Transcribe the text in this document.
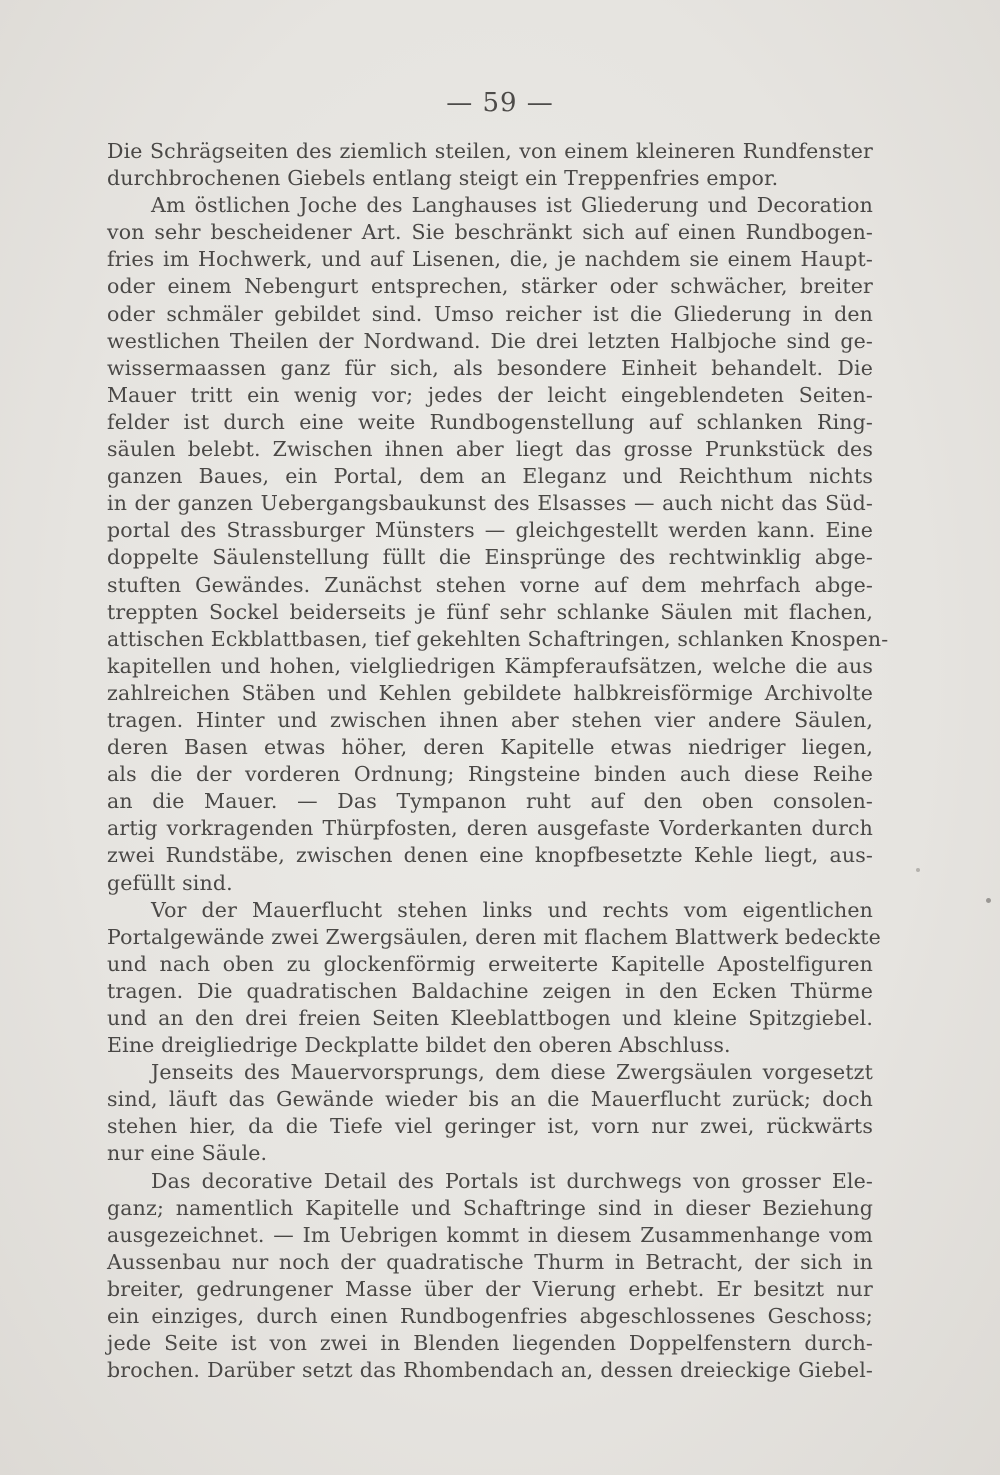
— 59 —
Die Schrägseiten des ziemlich steilen, von einem kleineren Rundfenster
durchbrochenen Giebels entlang steigt ein Treppenfries empor.
Am östlichen Joche des Langhauses ist Gliederung und Decoration
von sehr bescheidener Art. Sie beschränkt sich auf einen Rundbogen-
fries im Hochwerk, und auf Lisenen, die, je nachdem sie einem Haupt-
oder einem Nebengurt entsprechen, stärker oder schwächer, breiter
oder schmäler gebildet sind. Umso reicher ist die Gliederung in den
westlichen Theilen der Nordwand. Die drei letzten Halbjoche sind ge-
wissermaassen ganz für sich, als besondere Einheit behandelt. Die
Mauer tritt ein wenig vor; jedes der leicht eingeblendeten Seiten-
felder ist durch eine weite Rundbogenstellung auf schlanken Ring-
säulen belebt. Zwischen ihnen aber liegt das grosse Prunkstück des
ganzen Baues, ein Portal, dem an Eleganz und Reichthum nichts
in der ganzen Uebergangsbaukunst des Elsasses — auch nicht das Süd-
portal des Strassburger Münsters — gleichgestellt werden kann. Eine
doppelte Säulenstellung füllt die Einsprünge des rechtwinklig abge-
stuften Gewändes. Zunächst stehen vorne auf dem mehrfach abge-
treppten Sockel beiderseits je fünf sehr schlanke Säulen mit flachen,
attischen Eckblattbasen, tief gekehlten Schaftringen, schlanken Knospen-
kapitellen und hohen, vielgliedrigen Kämpferaufsätzen, welche die aus
zahlreichen Stäben und Kehlen gebildete halbkreisförmige Archivolte
tragen. Hinter und zwischen ihnen aber stehen vier andere Säulen,
deren Basen etwas höher, deren Kapitelle etwas niedriger liegen,
als die der vorderen Ordnung; Ringsteine binden auch diese Reihe
an die Mauer. — Das Tympanon ruht auf den oben consolen-
artig vorkragenden Thürpfosten, deren ausgefaste Vorderkanten durch
zwei Rundstäbe, zwischen denen eine knopfbesetzte Kehle liegt, aus-
gefüllt sind.
Vor der Mauerflucht stehen links und rechts vom eigentlichen
Portalgewände zwei Zwergsäulen, deren mit flachem Blattwerk bedeckte
und nach oben zu glockenförmig erweiterte Kapitelle Apostelfiguren
tragen. Die quadratischen Baldachine zeigen in den Ecken Thürme
und an den drei freien Seiten Kleeblattbogen und kleine Spitzgiebel.
Eine dreigliedrige Deckplatte bildet den oberen Abschluss.
Jenseits des Mauervorsprungs, dem diese Zwergsäulen vorgesetzt
sind, läuft das Gewände wieder bis an die Mauerflucht zurück; doch
stehen hier, da die Tiefe viel geringer ist, vorn nur zwei, rückwärts
nur eine Säule.
Das decorative Detail des Portals ist durchwegs von grosser Ele-
ganz; namentlich Kapitelle und Schaftringe sind in dieser Beziehung
ausgezeichnet. — Im Uebrigen kommt in diesem Zusammenhange vom
Aussenbau nur noch der quadratische Thurm in Betracht, der sich in
breiter, gedrungener Masse über der Vierung erhebt. Er besitzt nur
ein einziges, durch einen Rundbogenfries abgeschlossenes Geschoss;
jede Seite ist von zwei in Blenden liegenden Doppelfenstern durch-
brochen. Darüber setzt das Rhombendach an, dessen dreieckige Giebel-
